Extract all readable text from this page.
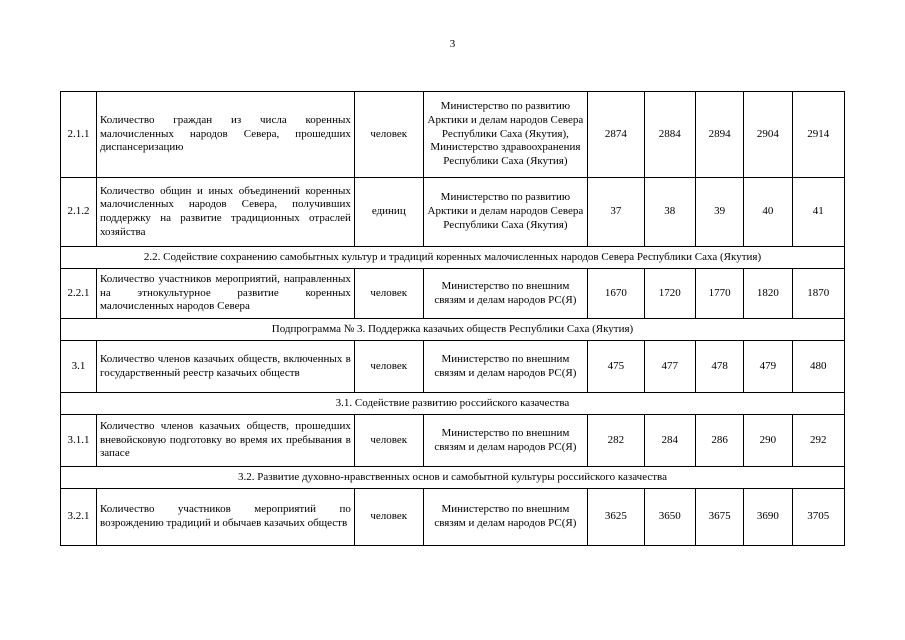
3
2.1.1	Количество граждан из числа коренных малочисленных народов Севера, прошедших диспансеризацию	человек	Министерство по развитию Арктики и делам народов Севера Республики Саха (Якутия), Министерство здравоохранения Республики Саха (Якутия)	2874	2884	2894	2904	2914
2.1.2	Количество общин и иных объединений коренных малочисленных народов Севера, получивших поддержку на развитие традиционных отраслей хозяйства	единиц	Министерство по развитию Арктики и делам народов Севера Республики Саха (Якутия)	37	38	39	40	41
2.2. Содействие сохранению самобытных культур и традиций коренных малочисленных народов Севера Республики Саха (Якутия)								
2.2.1	Количество участников мероприятий, направленных на этнокультурное развитие коренных малочисленных народов Севера	человек	Министерство по внешним связям и делам народов РС(Я)	1670	1720	1770	1820	1870
Подпрограмма № 3. Поддержка казачьих обществ Республики Саха (Якутия)								
3.1	Количество членов казачьих обществ, включенных в государственный реестр казачьих обществ	человек	Министерство по внешним связям и делам народов РС(Я)	475	477	478	479	480
3.1. Содействие развитию российского казачества								
3.1.1	Количество членов казачьих обществ, прошедших вневойсковую подготовку во время их пребывания в запасе	человек	Министерство по внешним связям и делам народов РС(Я)	282	284	286	290	292
3.2. Развитие духовно-нравственных основ и самобытной культуры российского казачества								
3.2.1	Количество участников мероприятий по возрождению традиций и обычаев казачьих обществ	человек	Министерство по внешним связям и делам народов РС(Я)	3625	3650	3675	3690	3705
